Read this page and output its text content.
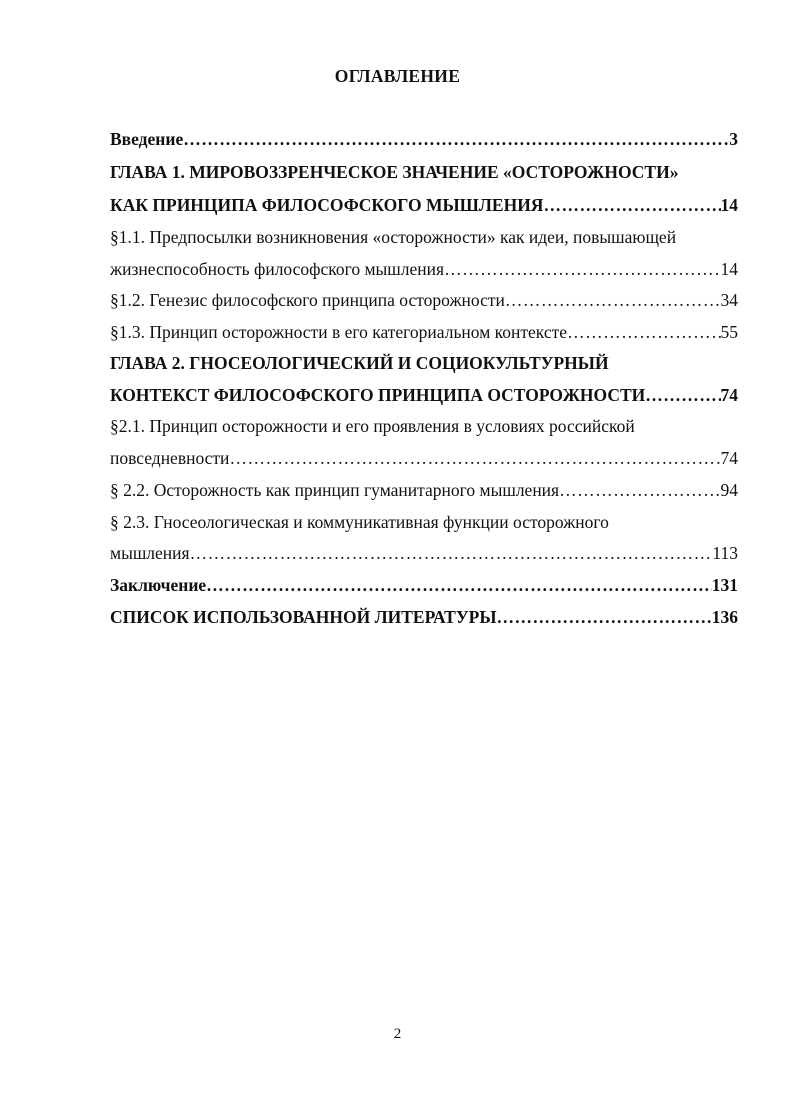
ОГЛАВЛЕНИЕ
Введение ………………………………………………………………………………………………………………………………………………………………	3
ГЛАВА 1. МИРОВОЗЗРЕНЧЕСКОЕ ЗНАЧЕНИЕ «ОСТОРОЖНОСТИ»
КАК ПРИНЦИПА ФИЛОСОФСКОГО МЫШЛЕНИЯ ………………………………………………………………………………………………………………………………………………………………	14
§1.1. Предпосылки возникновения «осторожности» как идеи, повышающей
жизнеспособность философского мышления ………………………………………………………………………………………………………………………………………………………………	14
§1.2. Генезис философского принципа осторожности ………………………………………………………………………………………………………………………………………………………………	34
§1.3. Принцип осторожности в его категориальном контексте ………………………………………………………………………………………………………………………………………………………………	55
ГЛАВА 2. ГНОСЕОЛОГИЧЕСКИЙ И СОЦИОКУЛЬТУРНЫЙ
КОНТЕКСТ ФИЛОСОФСКОГО ПРИНЦИПА ОСТОРОЖНОСТИ ………………………………………………………………………………………………………………………………………………………………	74
§2.1. Принцип осторожности и его проявления в условиях российской
повседневности ………………………………………………………………………………………………………………………………………………………………	74
§ 2.2. Осторожность как принцип гуманитарного мышления ………………………………………………………………………………………………………………………………………………………………	94
§ 2.3. Гносеологическая и коммуникативная функции осторожного
мышления ………………………………………………………………………………………………………………………………………………………………	113
Заключение ………………………………………………………………………………………………………………………………………………………………	131
СПИСОК ИСПОЛЬЗОВАННОЙ ЛИТЕРАТУРЫ ………………………………………………………………………………………………………………………………………………………………	136
2
